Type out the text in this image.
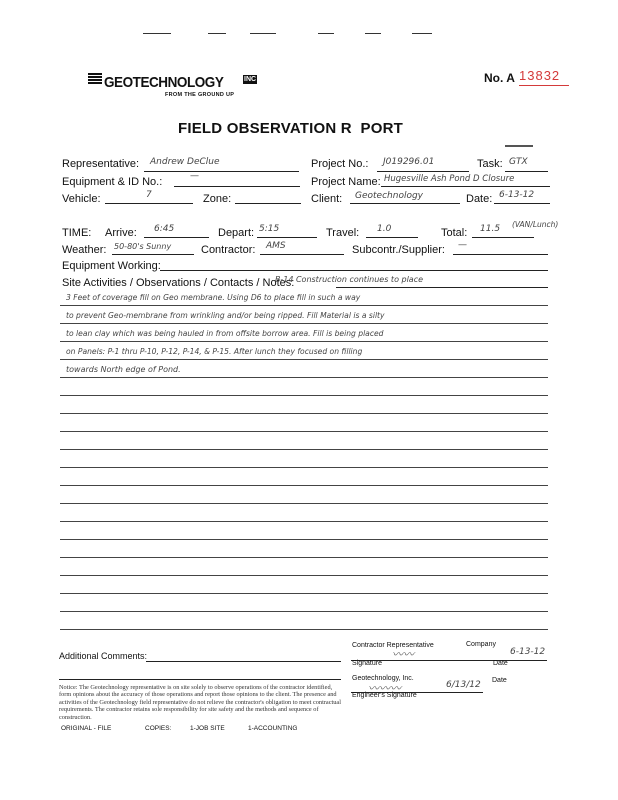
GEOTECHNOLOGY	INC
FROM THE GROUND UP
No. A 13832
FIELD OBSERVATION R  PORT
Representative: Andrew DeClue	Project No.: J019296.01	Task: GTX
Equipment & ID No.:	—	Project Name: Hugesville Ash Pond D Closure
Vehicle:	7	Zone:	Client: Geotechnology	Date: 6-13-12
TIME: Arrive: 6:45	Depart: 5:15	Travel: 1.0	Total: 11.5 (VAN/Lunch)
Weather: 50-80's Sunny	Contractor: AMS	Subcontr./Supplier: —
Equipment Working:
Site Activities / Observations / Contacts / Notes:
B-14 Construction continues to place
3 Feet of coverage fill on Geo membrane. Using D6 to place fill in such a way
to prevent Geo-membrane from wrinkling and/or being ripped. Fill Material is a silty
to lean clay which was being hauled in from offsite borrow area. Fill is being placed
on Panels: P-1 thru P-10, P-12, P-14, & P-15. After lunch they focused on filling
towards North edge of Pond.
Additional Comments:
Contractor Representative	Company
〰〰	6-13-12
Signature	Date
Geotechnology, Inc.
〰〰〰	6/13/12
Engineer's Signature
Date
Notice: The Geotechnology representative is on site solely to observe operations of the contractor identified, form opinions about the accuracy of those operations and report those opinions to the client. The presence and activities of the Geotechnology field representative do not relieve the contractor's obligation to meet contractual requirements. The contractor retains sole responsibility for site safety and the methods and sequence of construction.
ORIGINAL - FILE	COPIES:	1-JOB SITE	1-ACCOUNTING
